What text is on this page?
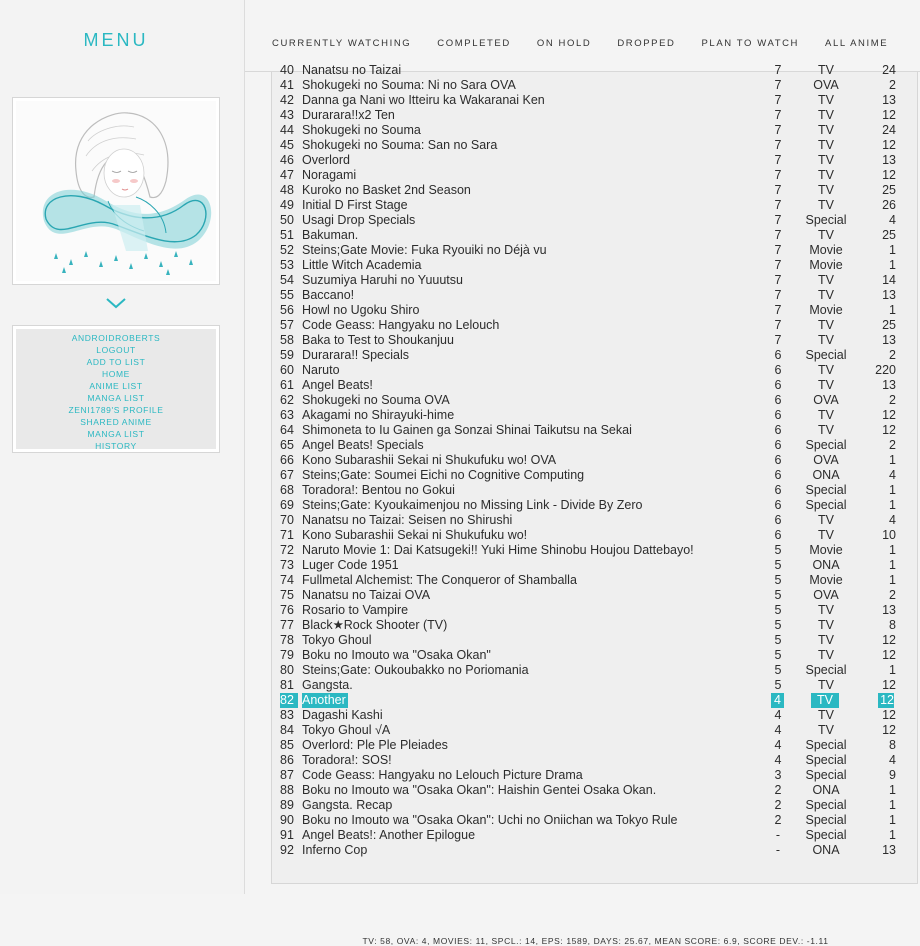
MENU
ANDROIDROBERTS
LOGOUT
ADD TO LIST
HOME
ANIME LIST
MANGA LIST
ZENI1789'S PROFILE
SHARED ANIME
MANGA LIST
HISTORY
CURRENTLY WATCHING	COMPLETED	ON HOLD	DROPPED	PLAN TO WATCH	ALL ANIME
40 Nanatsu no Taizai	7	TV	24
41 Shokugeki no Souma: Ni no Sara OVA	7	OVA	2
42 Danna ga Nani wo Itteiru ka Wakaranai Ken	7	TV	13
43 Durarara!!x2 Ten	7	TV	12
44 Shokugeki no Souma	7	TV	24
45 Shokugeki no Souma: San no Sara	7	TV	12
46 Overlord	7	TV	13
47 Noragami	7	TV	12
48 Kuroko no Basket 2nd Season	7	TV	25
49 Initial D First Stage	7	TV	26
50 Usagi Drop Specials	7	Special	4
51 Bakuman.	7	TV	25
52 Steins;Gate Movie: Fuka Ryouiki no Déjà vu	7	Movie	1
53 Little Witch Academia	7	Movie	1
54 Suzumiya Haruhi no Yuuutsu	7	TV	14
55 Baccano!	7	TV	13
56 Howl no Ugoku Shiro	7	Movie	1
57 Code Geass: Hangyaku no Lelouch	7	TV	25
58 Baka to Test to Shoukanjuu	7	TV	13
59 Durarara!! Specials	6	Special	2
60 Naruto	6	TV	220
61 Angel Beats!	6	TV	13
62 Shokugeki no Souma OVA	6	OVA	2
63 Akagami no Shirayuki-hime	6	TV	12
64 Shimoneta to Iu Gainen ga Sonzai Shinai Taikutsu na Sekai	6	TV	12
65 Angel Beats! Specials	6	Special	2
66 Kono Subarashii Sekai ni Shukufuku wo! OVA	6	OVA	1
67 Steins;Gate: Soumei Eichi no Cognitive Computing	6	ONA	4
68 Toradora!: Bentou no Gokui	6	Special	1
69 Steins;Gate: Kyoukaimenjou no Missing Link - Divide By Zero	6	Special	1
70 Nanatsu no Taizai: Seisen no Shirushi	6	TV	4
71 Kono Subarashii Sekai ni Shukufuku wo!	6	TV	10
72 Naruto Movie 1: Dai Katsugeki!! Yuki Hime Shinobu Houjou Dattebayo!	5	Movie	1
73 Luger Code 1951	5	ONA	1
74 Fullmetal Alchemist: The Conqueror of Shamballa	5	Movie	1
75 Nanatsu no Taizai OVA	5	OVA	2
76 Rosario to Vampire	5	TV	13
77 Black★Rock Shooter (TV)	5	TV	8
78 Tokyo Ghoul	5	TV	12
79 Boku no Imouto wa "Osaka Okan"	5	TV	12
80 Steins;Gate: Oukoubakko no Poriomania	5	Special	1
81 Gangsta.	5	TV	12
82 Another	4	TV	12
83 Dagashi Kashi	4	TV	12
84 Tokyo Ghoul √A	4	TV	12
85 Overlord: Ple Ple Pleiades	4	Special	8
86 Toradora!: SOS!	4	Special	4
87 Code Geass: Hangyaku no Lelouch Picture Drama	3	Special	9
88 Boku no Imouto wa "Osaka Okan": Haishin Gentei Osaka Okan.	2	ONA	1
89 Gangsta. Recap	2	Special	1
90 Boku no Imouto wa "Osaka Okan": Uchi no Oniichan wa Tokyo Rule	2	Special	1
91 Angel Beats!: Another Epilogue	-	Special	1
92 Inferno Cop	-	ONA	13
TV: 58, OVA: 4, MOVIES: 11, SPCL.: 14, EPS: 1589, DAYS: 25.67, MEAN SCORE: 6.9, SCORE DEV.: -1.11
